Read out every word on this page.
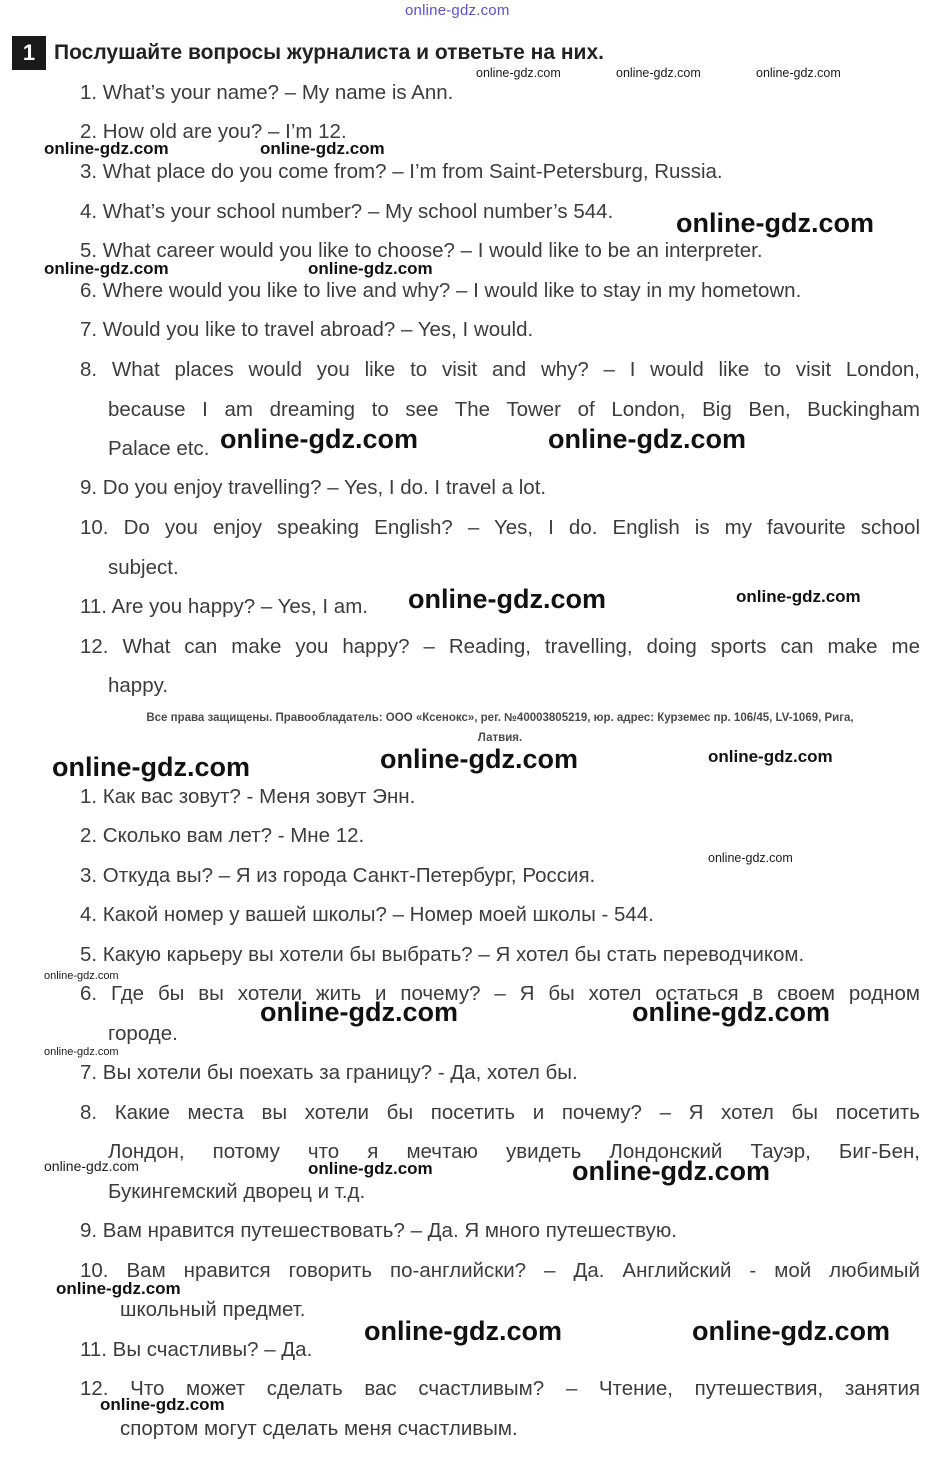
online-gdz.com
1 Послушайте вопросы журналиста и ответьте на них.

1. What’s your name? – My name is Ann.

2. How old are you? – I’m 12.

3. What place do you come from? – I’m from Saint-Petersburg, Russia.

4. What’s your school number? – My school number’s 544.

5. What career would you like to choose? – I would like to be an interpreter.

6. Where would you like to live and why? – I would like to stay in my hometown.

7. Would you like to travel abroad? – Yes, I would.

8. What places would you like to visit and why? – I would like to visit London,

because I am dreaming to see The Tower of London, Big Ben, Buckingham

Palace etc.

9. Do you enjoy travelling? – Yes, I do. I travel a lot.

10. Do you enjoy speaking English? – Yes, I do. English is my favourite school

subject.

11. Are you happy? – Yes, I am.

12. What can make you happy? – Reading, travelling, doing sports can make me

happy.

Все права защищены. Правообладатель: ООО «Ксенокс», рег. №40003805219, юр. адрес: Курземес пр. 106/45, LV-1069, Рига,
Латвия.

1. Как вас зовут? - Меня зовут Энн.

2. Сколько вам лет? - Мне 12.

3. Откуда вы? – Я из города Санкт-Петербург, Россия.

4. Какой номер у вашей школы? – Номер моей школы - 544.

5. Какую карьеру вы хотели бы выбрать? – Я хотел бы стать переводчиком.

6. Где бы вы хотели жить и почему? – Я бы хотел остаться в своем родном

городе.

7. Вы хотели бы поехать за границу? - Да, хотел бы.

8. Какие места вы хотели бы посетить и почему? – Я хотел бы посетить

Лондон, потому что я мечтаю увидеть Лондонский Тауэр, Биг-Бен,

Букингемский дворец и т.д.

9. Вам нравится путешествовать? – Да. Я много путешествую.

10. Вам нравится говорить по-английски? – Да. Английский - мой любимый

школьный предмет.

11. Вы счастливы? – Да.

12. Что может сделать вас счастливым? – Чтение, путешествия, занятия

спортом могут сделать меня счастливым.

online-gdz.com	online-gdz.com	online-gdz.com
online-gdz.com	online-gdz.com
online-gdz.com
online-gdz.com	online-gdz.com
online-gdz.com	online-gdz.com
online-gdz.com	online-gdz.com
online-gdz.com	online-gdz.com	online-gdz.com
online-gdz.com
online-gdz.com
online-gdz.com	online-gdz.com
online-gdz.com
online-gdz.com	online-gdz.com	online-gdz.com
online-gdz.com
online-gdz.com	online-gdz.com
online-gdz.com
